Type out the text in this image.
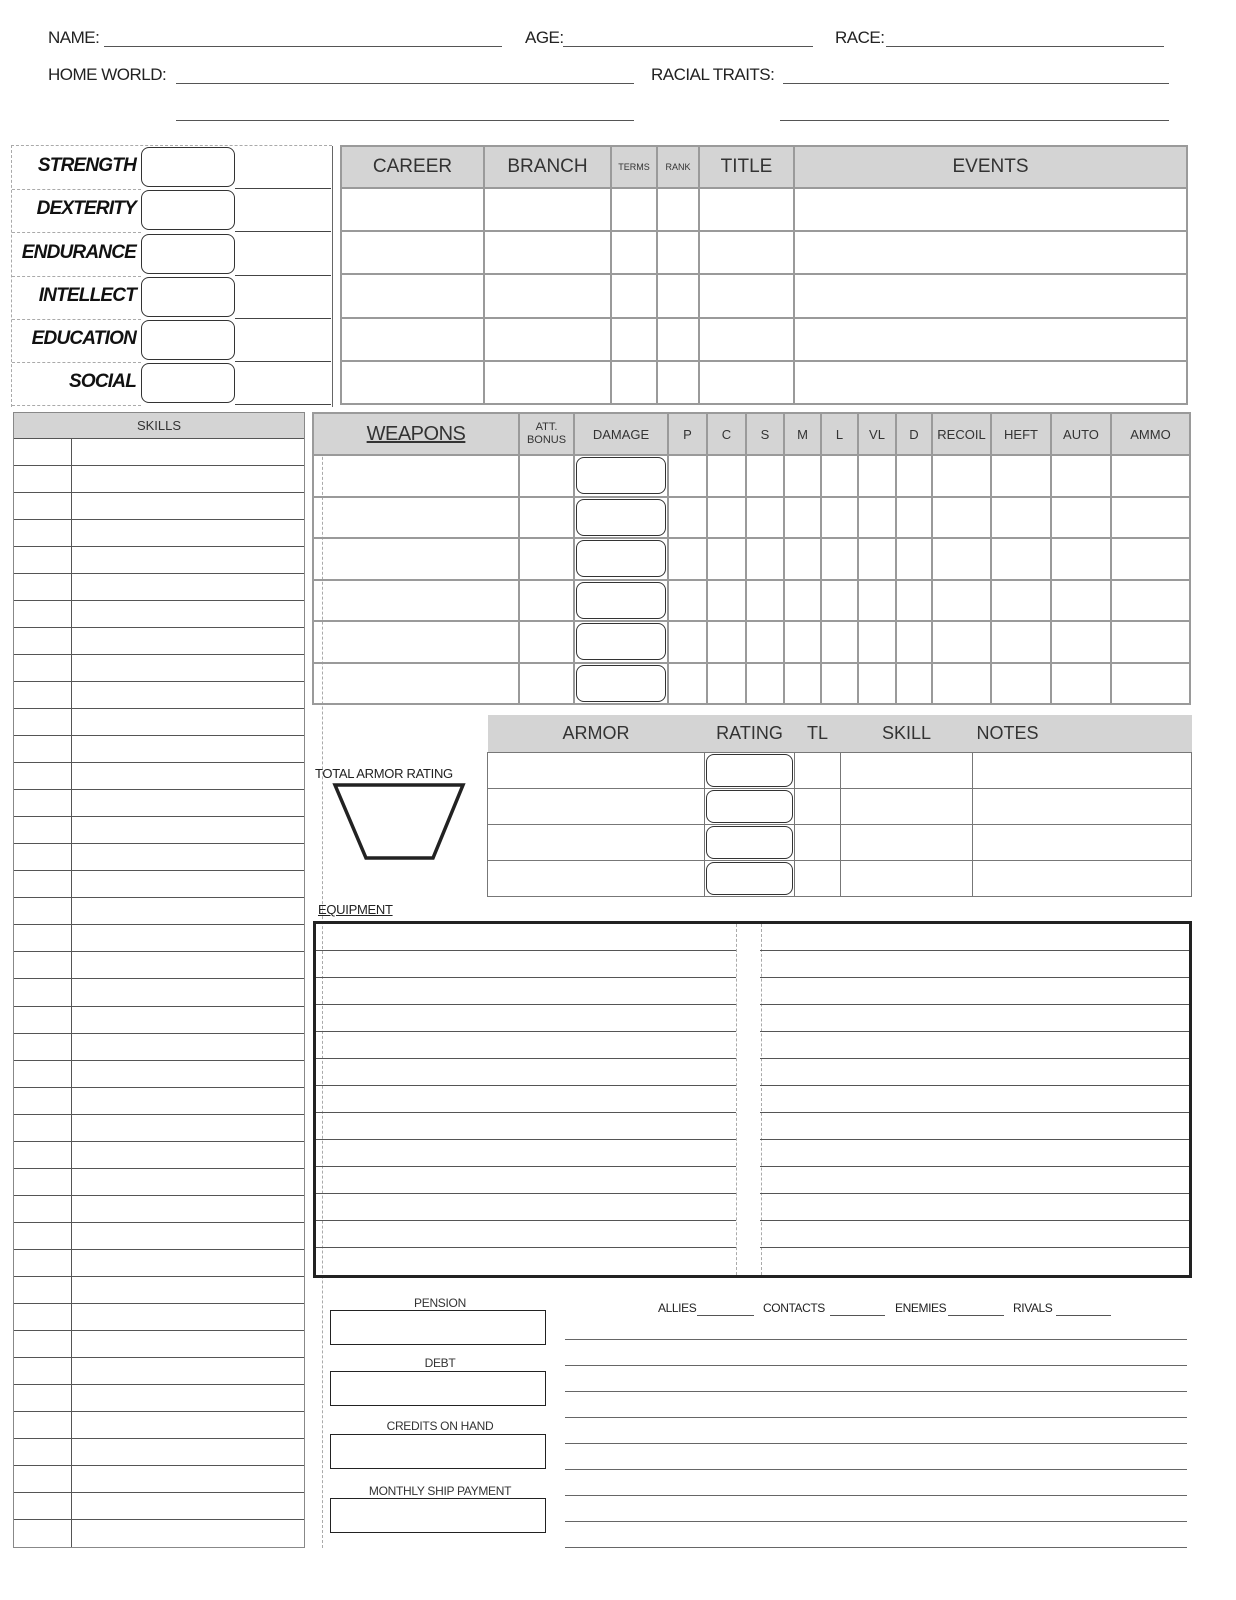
NAME:	AGE:	RACE:
HOME WORLD:	RACIAL TRAITS:
STRENGTH
DEXTERITY
ENDURANCE
INTELLECT
EDUCATION
SOCIAL
CAREER	BRANCH	TERMS	RANK	TITLE	EVENTS

SKILLS	WEAPONS	ATT.
BONUS	DAMAGE	P	C	S	M	L	VL	D	RECOIL	HEFT	AUTO	AMMO

TOTAL ARMOR RATING
ARMOR	RATING	TL	SKILL	NOTES

EQUIPMENT
PENSION
DEBT
CREDITS ON HAND
MONTHLY SHIP PAYMENT
ALLIES	CONTACTS	ENEMIES	RIVALS
